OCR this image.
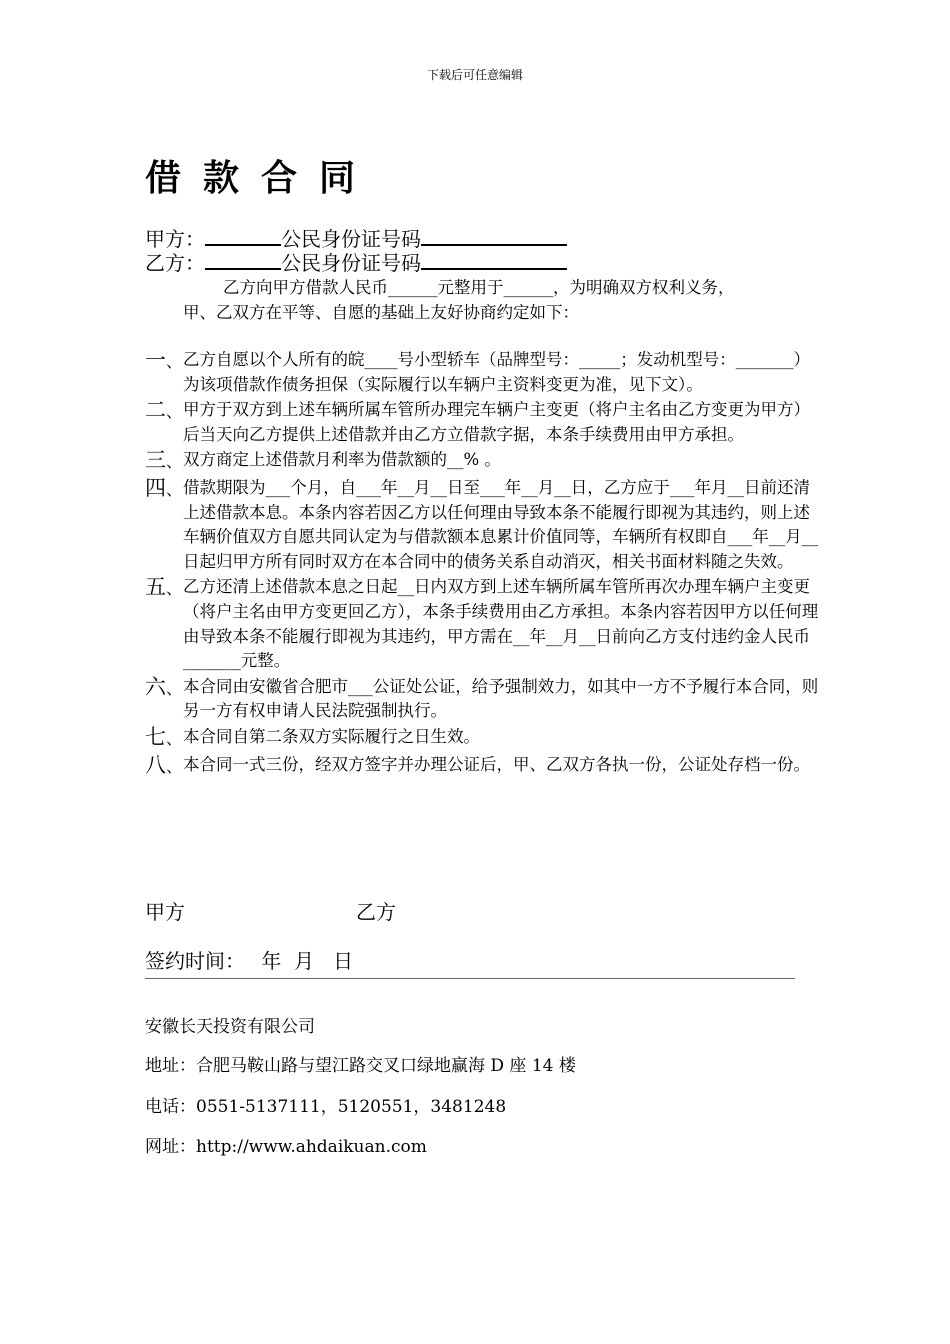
下载后可任意编辑
借款合同
甲方：	公民身份证号码
乙方：	公民身份证号码

乙方向甲方借款人民币______元整用于______，为明确双方权利义务，

甲、乙双方在平等、自愿的基础上友好协商约定如下：

一、 乙方自愿以个人所有的皖____号小型轿车（品牌型号：_____；发动机型号：_______）为该项借款作债务担保（实际履行以车辆户主资料变更为准，见下文）。
二、 甲方于双方到上述车辆所属车管所办理完车辆户主变更（将户主名由乙方变更为甲方）后当天向乙方提供上述借款并由乙方立借款字据，本条手续费用由甲方承担。
三、 双方商定上述借款月利率为借款额的__% 。
四、 借款期限为___个月，自___年__月__日至___年__月__日，乙方应于___年月__日前还清上述借款本息。本条内容若因乙方以任何理由导致本条不能履行即视为其违约，则上述车辆价值双方自愿共同认定为与借款额本息累计价值同等，车辆所有权即自___年__月__日起归甲方所有同时双方在本合同中的债务关系自动消灭，相关书面材料随之失效。
五、 乙方还清上述借款本息之日起__日内双方到上述车辆所属车管所再次办理车辆户主变更（将户主名由甲方变更回乙方），本条手续费用由乙方承担。本条内容若因甲方以任何理由导致本条不能履行即视为其违约，甲方需在__年__月__日前向乙方支付违约金人民币_______元整。
六、 本合同由安徽省合肥市___公证处公证，给予强制效力，如其中一方不予履行本合同，则另一方有权申请人民法院强制执行。
七、 本合同自第二条双方实际履行之日生效。
八、 本合同一式三份，经双方签字并办理公证后，甲、乙双方各执一份，公证处存档一份。
甲方	乙方
签约时间：　 年  月   日
安徽长天投资有限公司
地址：合肥马鞍山路与望江路交叉口绿地赢海 D 座 14 楼
电话：0551-5137111，5120551，3481248
网址：http://www.ahdaikuan.com
